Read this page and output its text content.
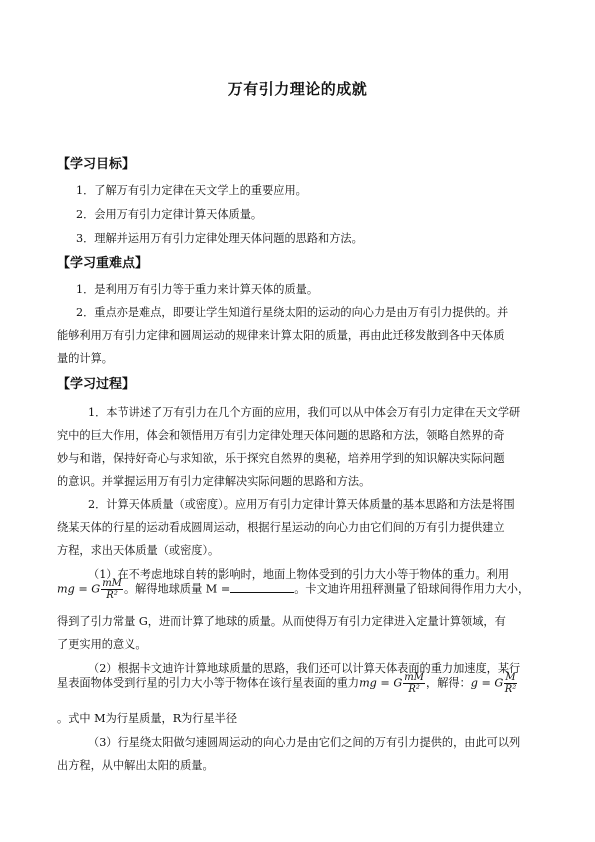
万有引力理论的成就
【学习目标】
1．了解万有引力定律在天文学上的重要应用。
2．会用万有引力定律计算天体质量。
3．理解并运用万有引力定律处理天体问题的思路和方法。
【学习重难点】
1．是利用万有引力等于重力来计算天体的质量。
2．重点亦是难点，即要让学生知道行星绕太阳的运动的向心力是由万有引力提供的。并
能够利用万有引力定律和圆周运动的规律来计算太阳的质量，再由此迁移发散到各中天体质
量的计算。
【学习过程】
1．本节讲述了万有引力在几个方面的应用，我们可以从中体会万有引力定律在天文学研
究中的巨大作用，体会和领悟用万有引力定律处理天体问题的思路和方法，领略自然界的奇
妙与和谐，保持好奇心与求知欲，乐于探究自然界的奥秘，培养用学到的知识解决实际问题
的意识。并掌握运用万有引力定律解决实际问题的思路和方法。
2．计算天体质量（或密度）。应用万有引力定律计算天体质量的基本思路和方法是将围
绕某天体的行星的运动看成圆周运动，根据行星运动的向心力由它们间的万有引力提供建立
方程，求出天体质量（或密度）。
（1）在不考虑地球自转的影响时，地面上物体受到的引力大小等于物体的重力。利用
mg = G $\frac{mM}{\text{R²}}$ 。解得地球质量 M =	。卡文迪许用扭秤测量了铅球间得作用力大小，
得到了引力常量 G，进而计算了地球的质量。从而使得万有引力定律进入定量计算领域，有
了更实用的意义。
（2）根据卡文迪许计算地球质量的思路，我们还可以计算天体表面的重力加速度，某行
星表面物体受到行星的引力大小等于物体在该行星表面的重力mg = G $\frac{mM}{\text{R²}}$ ，解得：g = G $\frac{M}{\text{R²}}$
。式中 M为行星质量，R为行星半径
（3）行星绕太阳做匀速圆周运动的向心力是由它们之间的万有引力提供的，由此可以列
出方程，从中解出太阳的质量。
